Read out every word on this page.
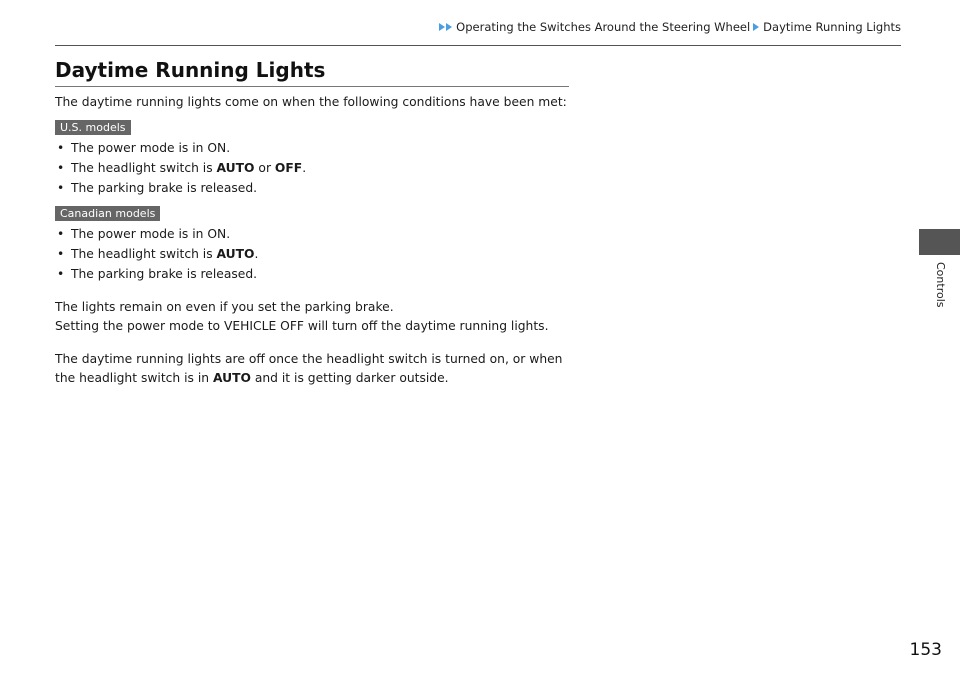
Operating the Switches Around the Steering Wheel Daytime Running Lights
Controls
Daytime Running Lights

The daytime running lights come on when the following conditions have been met:

U.S. models
• The power mode is in ON.
• The headlight switch is AUTO or OFF.
• The parking brake is released.
Canadian models
• The power mode is in ON.
• The headlight switch is AUTO.
• The parking brake is released.

The lights remain on even if you set the parking brake.

Setting the power mode to VEHICLE OFF will turn off the daytime running lights.

The daytime running lights are off once the headlight switch is turned on, or when

the headlight switch is in AUTO and it is getting darker outside.

153
